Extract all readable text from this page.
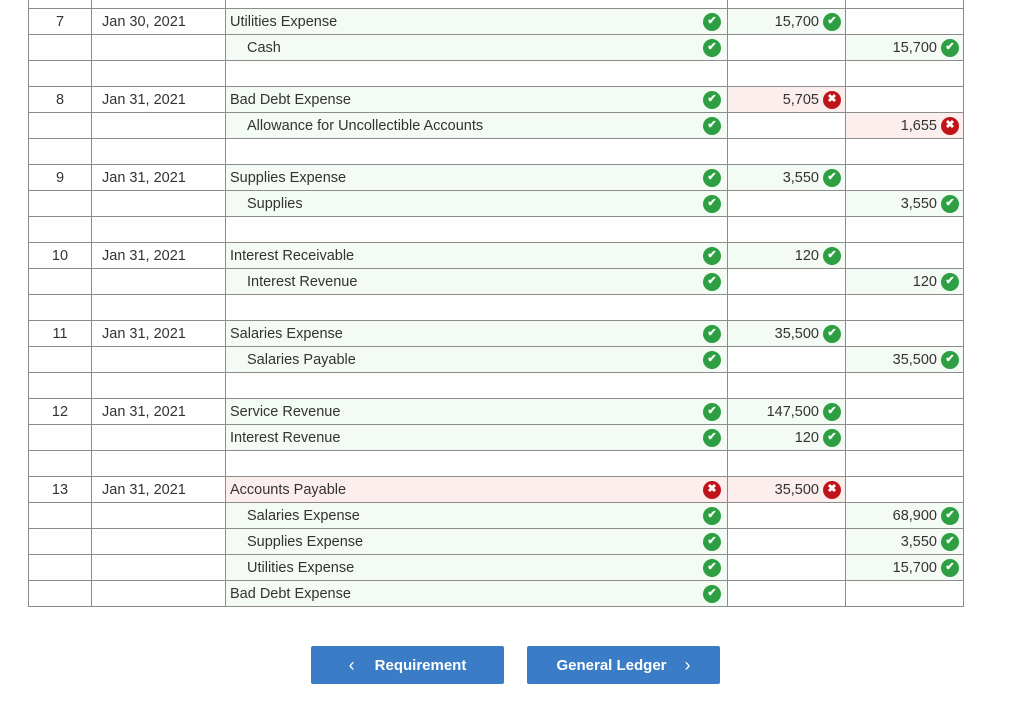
7	Jan 30, 2021	Utilities Expense ✔	15,700 ✔	

		Cash ✔		15,700 ✔

8	Jan 31, 2021	Bad Debt Expense ✔	5,705 ✖	

		Allowance for Uncollectible Accounts ✔		1,655 ✖

9	Jan 31, 2021	Supplies Expense ✔	3,550 ✔	

		Supplies ✔		3,550 ✔

10	Jan 31, 2021	Interest Receivable ✔	120 ✔	

		Interest Revenue ✔		120 ✔

11	Jan 31, 2021	Salaries Expense ✔	35,500 ✔	

		Salaries Payable ✔		35,500 ✔

12	Jan 31, 2021	Service Revenue ✔	147,500 ✔	

		Interest Revenue ✔	120 ✔	

13	Jan 31, 2021	Accounts Payable ✖	35,500 ✖	

		Salaries Expense ✔		68,900 ✔

		Supplies Expense ✔		3,550 ✔

		Utilities Expense ✔		15,700 ✔

		Bad Debt Expense ✔		

‹ Requirement	General Ledger ›
